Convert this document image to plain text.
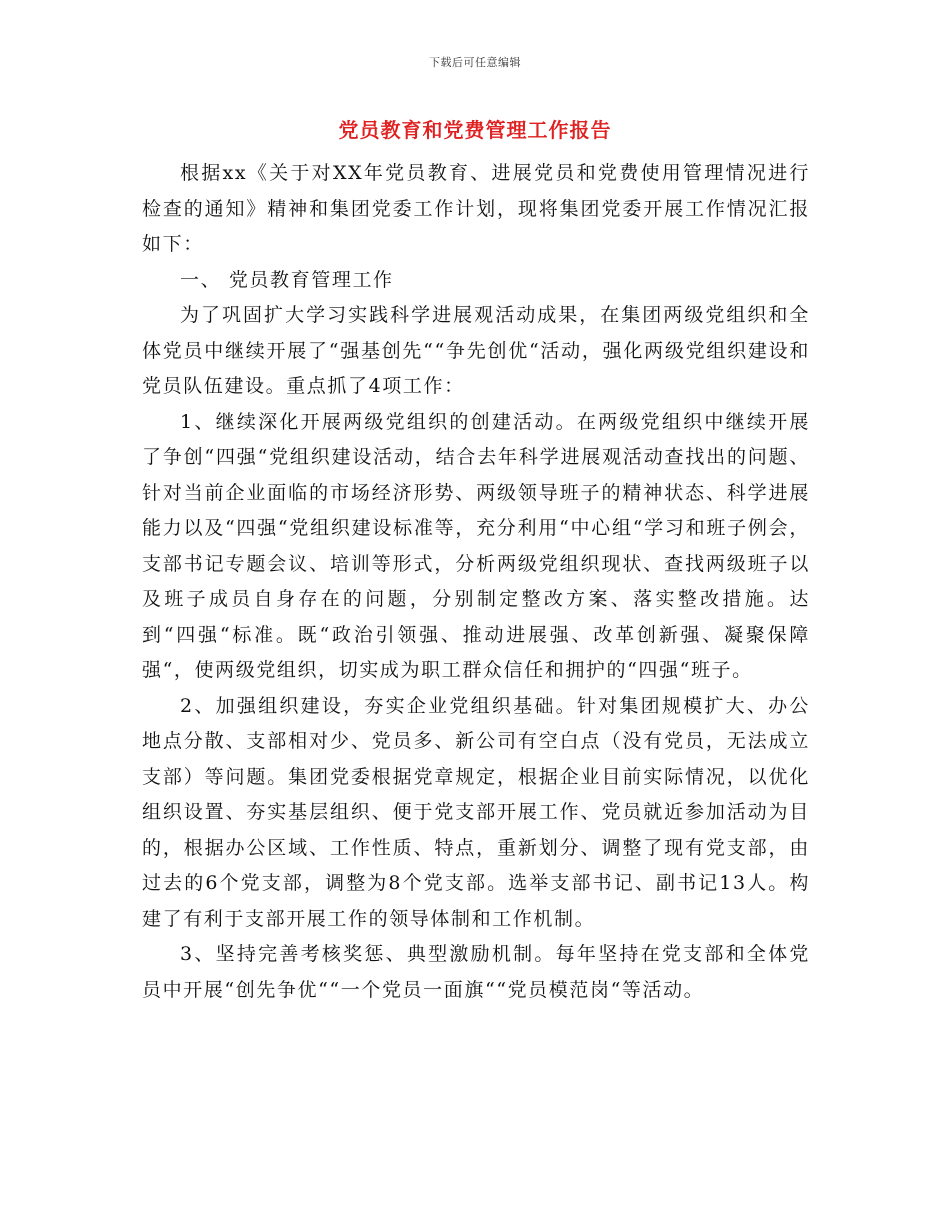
下载后可任意编辑
党员教育和党费管理工作报告

根据xx《关于对XX年党员教育、进展党员和党费使用管理情况进行检查的通知》精神和集团党委工作计划，现将集团党委开展工作情况汇报如下：

一、 党员教育管理工作

为了巩固扩大学习实践科学进展观活动成果，在集团两级党组织和全体党员中继续开展了“强基创先““争先创优“活动，强化两级党组织建设和党员队伍建设。重点抓了4项工作：

1、继续深化开展两级党组织的创建活动。在两级党组织中继续开展了争创“四强“党组织建设活动，结合去年科学进展观活动查找出的问题、针对当前企业面临的市场经济形势、两级领导班子的精神状态、科学进展能力以及“四强“党组织建设标准等，充分利用“中心组“学习和班子例会，支部书记专题会议、培训等形式，分析两级党组织现状、查找两级班子以及班子成员自身存在的问题，分别制定整改方案、落实整改措施。达到“四强“标准。既“政治引领强、推动进展强、改革创新强、凝聚保障强“，使两级党组织，切实成为职工群众信任和拥护的“四强“班子。

2、加强组织建设，夯实企业党组织基础。针对集团规模扩大、办公地点分散、支部相对少、党员多、新公司有空白点（没有党员，无法成立支部）等问题。集团党委根据党章规定，根据企业目前实际情况，以优化组织设置、夯实基层组织、便于党支部开展工作、党员就近参加活动为目的，根据办公区域、工作性质、特点，重新划分、调整了现有党支部，由过去的6个党支部，调整为8个党支部。选举支部书记、副书记13人。构建了有利于支部开展工作的领导体制和工作机制。

3、坚持完善考核奖惩、典型激励机制。每年坚持在党支部和全体党员中开展“创先争优““一个党员一面旗““党员模范岗“等活动。
